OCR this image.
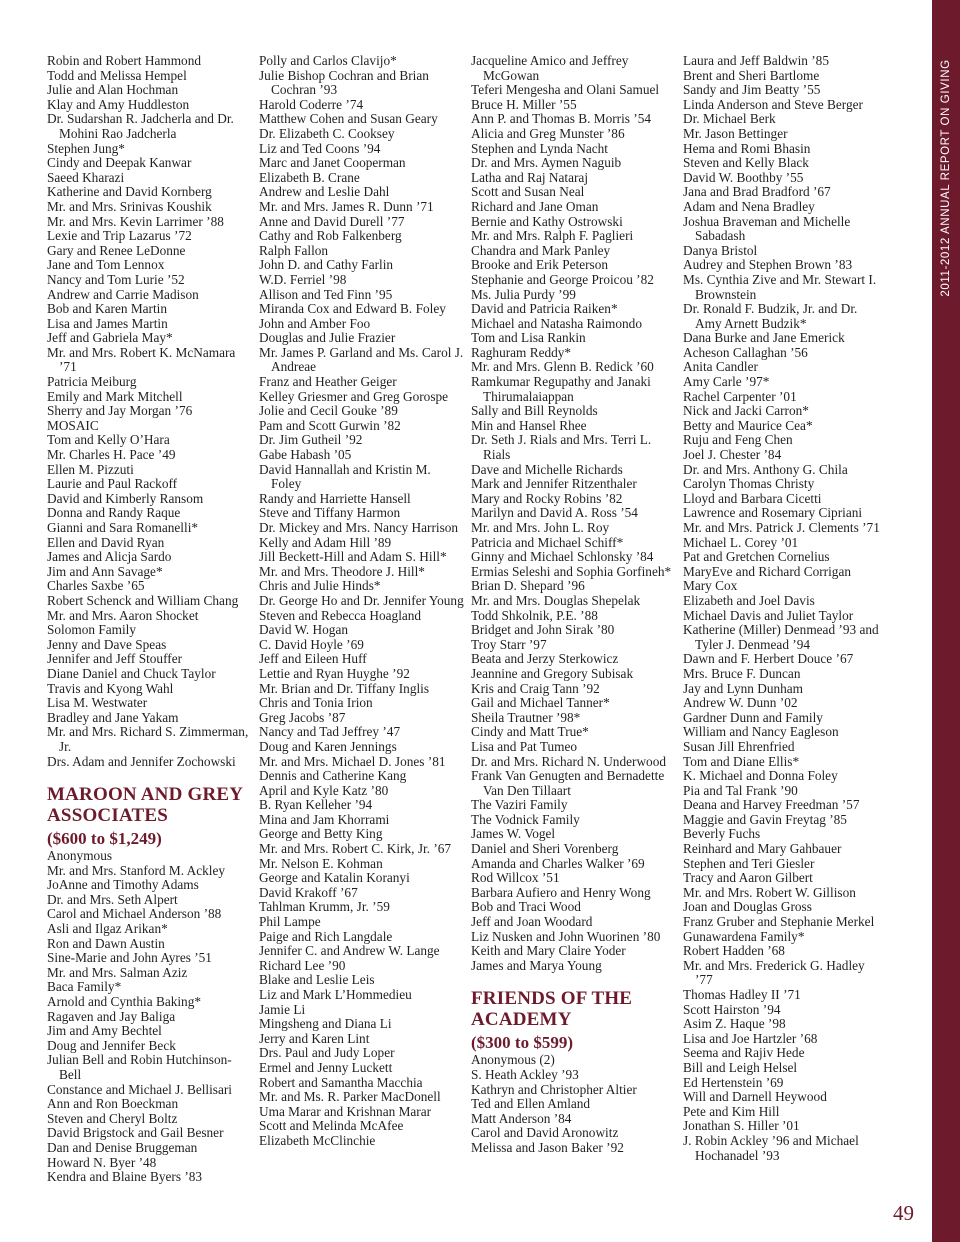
Robin and Robert Hammond
Todd and Melissa Hempel
Julie and Alan Hochman
Klay and Amy Huddleston
Dr. Sudarshan R. Jadcherla and Dr. Mohini Rao Jadcherla
Stephen Jung*
Cindy and Deepak Kanwar
Saeed Kharazi
Katherine and David Kornberg
Mr. and Mrs. Srinivas Koushik
Mr. and Mrs. Kevin Larrimer ’88
Lexie and Trip Lazarus ’72
Gary and Renee LeDonne
Jane and Tom Lennox
Nancy and Tom Lurie ’52
Andrew and Carrie Madison
Bob and Karen Martin
Lisa and James Martin
Jeff and Gabriela May*
Mr. and Mrs. Robert K. McNamara ’71
Patricia Meiburg
Emily and Mark Mitchell
Sherry and Jay Morgan ’76
MOSAIC
Tom and Kelly O’Hara
Mr. Charles H. Pace ’49
Ellen M. Pizzuti
Laurie and Paul Rackoff
David and Kimberly Ransom
Donna and Randy Raque
Gianni and Sara Romanelli*
Ellen and David Ryan
James and Alicja Sardo
Jim and Ann Savage*
Charles Saxbe ’65
Robert Schenck and William Chang
Mr. and Mrs. Aaron Shocket
Solomon Family
Jenny and Dave Speas
Jennifer and Jeff Stouffer
Diane Daniel and Chuck Taylor
Travis and Kyong Wahl
Lisa M. Westwater
Bradley and Jane Yakam
Mr. and Mrs. Richard S. Zimmerman, Jr.
Drs. Adam and Jennifer Zochowski
MAROON AND GREY ASSOCIATES
($600 to $1,249)
Anonymous
Mr. and Mrs. Stanford M. Ackley
JoAnne and Timothy Adams
Dr. and Mrs. Seth Alpert
Carol and Michael Anderson ’88
Asli and Ilgaz Arikan*
Ron and Dawn Austin
Sine-Marie and John Ayres ’51
Mr. and Mrs. Salman Aziz
Baca Family*
Arnold and Cynthia Baking*
Ragaven and Jay Baliga
Jim and Amy Bechtel
Doug and Jennifer Beck
Julian Bell and Robin Hutchinson-Bell
Constance and Michael J. Bellisari
Ann and Ron Boeckman
Steven and Cheryl Boltz
David Brigstock and Gail Besner
Dan and Denise Bruggeman
Howard N. Byer ’48
Kendra and Blaine Byers ’83
Polly and Carlos Clavijo*
Julie Bishop Cochran and Brian Cochran ’93
Harold Coderre ’74
Matthew Cohen and Susan Geary
Dr. Elizabeth C. Cooksey
Liz and Ted Coons ’94
Marc and Janet Cooperman
Elizabeth B. Crane
Andrew and Leslie Dahl
Mr. and Mrs. James R. Dunn ’71
Anne and David Durell ’77
Cathy and Rob Falkenberg
Ralph Fallon
John D. and Cathy Farlin
W.D. Ferriel ’98
Allison and Ted Finn ’95
Miranda Cox and Edward B. Foley
John and Amber Foo
Douglas and Julie Frazier
Mr. James P. Garland and Ms. Carol J. Andreae
Franz and Heather Geiger
Kelley Griesmer and Greg Gorospe
Jolie and Cecil Gouke ’89
Pam and Scott Gurwin ’82
Dr. Jim Gutheil ’92
Gabe Habash ’05
David Hannallah and Kristin M. Foley
Randy and Harriette Hansell
Steve and Tiffany Harmon
Dr. Mickey and Mrs. Nancy Harrison
Kelly and Adam Hill ’89
Jill Beckett-Hill and Adam S. Hill*
Mr. and Mrs. Theodore J. Hill*
Chris and Julie Hinds*
Dr. George Ho and Dr. Jennifer Young
Steven and Rebecca Hoagland
David W. Hogan
C. David Hoyle ’69
Jeff and Eileen Huff
Lettie and Ryan Huyghe ’92
Mr. Brian and Dr. Tiffany Inglis
Chris and Tonia Irion
Greg Jacobs ’87
Nancy and Tad Jeffrey ’47
Doug and Karen Jennings
Mr. and Mrs. Michael D. Jones ’81
Dennis and Catherine Kang
April and Kyle Katz ’80
B. Ryan Kelleher ’94
Mina and Jam Khorrami
George and Betty King
Mr. and Mrs. Robert C. Kirk, Jr. ’67
Mr. Nelson E. Kohman
George and Katalin Koranyi
David Krakoff ’67
Tahlman Krumm, Jr. ’59
Phil Lampe
Paige and Rich Langdale
Jennifer C. and Andrew W. Lange
Richard Lee ’90
Blake and Leslie Leis
Liz and Mark L’Hommedieu
Jamie Li
Mingsheng and Diana Li
Jerry and Karen Lint
Drs. Paul and Judy Loper
Ermel and Jenny Luckett
Robert and Samantha Macchia
Mr. and Ms. R. Parker MacDonell
Uma Marar and Krishnan Marar
Scott and Melinda McAfee
Elizabeth McClinchie
Jacqueline Amico and Jeffrey McGowan
Teferi Mengesha and Olani Samuel
Bruce H. Miller ’55
Ann P. and Thomas B. Morris ’54
Alicia and Greg Munster ’86
Stephen and Lynda Nacht
Dr. and Mrs. Aymen Naguib
Latha and Raj Nataraj
Scott and Susan Neal
Richard and Jane Oman
Bernie and Kathy Ostrowski
Mr. and Mrs. Ralph F. Paglieri
Chandra and Mark Panley
Brooke and Erik Peterson
Stephanie and George Proicou ’82
Ms. Julia Purdy ’99
David and Patricia Raiken*
Michael and Natasha Raimondo
Tom and Lisa Rankin
Raghuram Reddy*
Mr. and Mrs. Glenn B. Redick ’60
Ramkumar Regupathy and Janaki Thirumalaiappan
Sally and Bill Reynolds
Min and Hansel Rhee
Dr. Seth J. Rials and Mrs. Terri L. Rials
Dave and Michelle Richards
Mark and Jennifer Ritzenthaler
Mary and Rocky Robins ’82
Marilyn and David A. Ross ’54
Mr. and Mrs. John L. Roy
Patricia and Michael Schiff*
Ginny and Michael Schlonsky ’84
Ermias Seleshi and Sophia Gorfineh*
Brian D. Shepard ’96
Mr. and Mrs. Douglas Shepelak
Todd Shkolnik, P.E. ’88
Bridget and John Sirak ’80
Troy Starr ’97
Beata and Jerzy Sterkowicz
Jeannine and Gregory Subisak
Kris and Craig Tann ’92
Gail and Michael Tanner*
Sheila Trautner ’98*
Cindy and Matt True*
Lisa and Pat Tumeo
Dr. and Mrs. Richard N. Underwood
Frank Van Genugten and Bernadette Van Den Tillaart
The Vaziri Family
The Vodnick Family
James W. Vogel
Daniel and Sheri Vorenberg
Amanda and Charles Walker ’69
Rod Willcox ’51
Barbara Aufiero and Henry Wong
Bob and Traci Wood
Jeff and Joan Woodard
Liz Nusken and John Wuorinen ’80
Keith and Mary Claire Yoder
James and Marya Young
FRIENDS OF THE ACADEMY
($300 to $599)
Anonymous (2)
S. Heath Ackley ’93
Kathryn and Christopher Altier
Ted and Ellen Amland
Matt Anderson ’84
Carol and David Aronowitz
Melissa and Jason Baker ’92
Laura and Jeff Baldwin ’85
Brent and Sheri Bartlome
Sandy and Jim Beatty ’55
Linda Anderson and Steve Berger
Dr. Michael Berk
Mr. Jason Bettinger
Hema and Romi Bhasin
Steven and Kelly Black
David W. Boothby ’55
Jana and Brad Bradford ’67
Adam and Nena Bradley
Joshua Braveman and Michelle Sabadash
Danya Bristol
Audrey and Stephen Brown ’83
Ms. Cynthia Zive and Mr. Stewart I. Brownstein
Dr. Ronald F. Budzik, Jr. and Dr. Amy Arnett Budzik*
Dana Burke and Jane Emerick
Acheson Callaghan ’56
Anita Candler
Amy Carle ’97*
Rachel Carpenter ’01
Nick and Jacki Carron*
Betty and Maurice Cea*
Ruju and Feng Chen
Joel J. Chester ’84
Dr. and Mrs. Anthony G. Chila
Carolyn Thomas Christy
Lloyd and Barbara Cicetti
Lawrence and Rosemary Cipriani
Mr. and Mrs. Patrick J. Clements ’71
Michael L. Corey ’01
Pat and Gretchen Cornelius
MaryEve and Richard Corrigan
Mary Cox
Elizabeth and Joel Davis
Michael Davis and Juliet Taylor
Katherine (Miller) Denmead ’93 and Tyler J. Denmead ’94
Dawn and F. Herbert Douce ’67
Mrs. Bruce F. Duncan
Jay and Lynn Dunham
Andrew W. Dunn ’02
Gardner Dunn and Family
William and Nancy Eagleson
Susan Jill Ehrenfried
Tom and Diane Ellis*
K. Michael and Donna Foley
Pia and Tal Frank ’90
Deana and Harvey Freedman ’57
Maggie and Gavin Freytag ’85
Beverly Fuchs
Reinhard and Mary Gahbauer
Stephen and Teri Giesler
Tracy and Aaron Gilbert
Mr. and Mrs. Robert W. Gillison
Joan and Douglas Gross
Franz Gruber and Stephanie Merkel
Gunawardena Family*
Robert Hadden ’68
Mr. and Mrs. Frederick G. Hadley ’77
Thomas Hadley II ’71
Scott Hairston ’94
Asim Z. Haque ’98
Lisa and Joe Hartzler ’68
Seema and Rajiv Hede
Bill and Leigh Helsel
Ed Hertenstein ’69
Will and Darnell Heywood
Pete and Kim Hill
Jonathan S. Hiller ’01
J. Robin Ackley ’96 and Michael Hochanadel ’93
2011-2012 ANNUAL REPORT ON GIVING
49
